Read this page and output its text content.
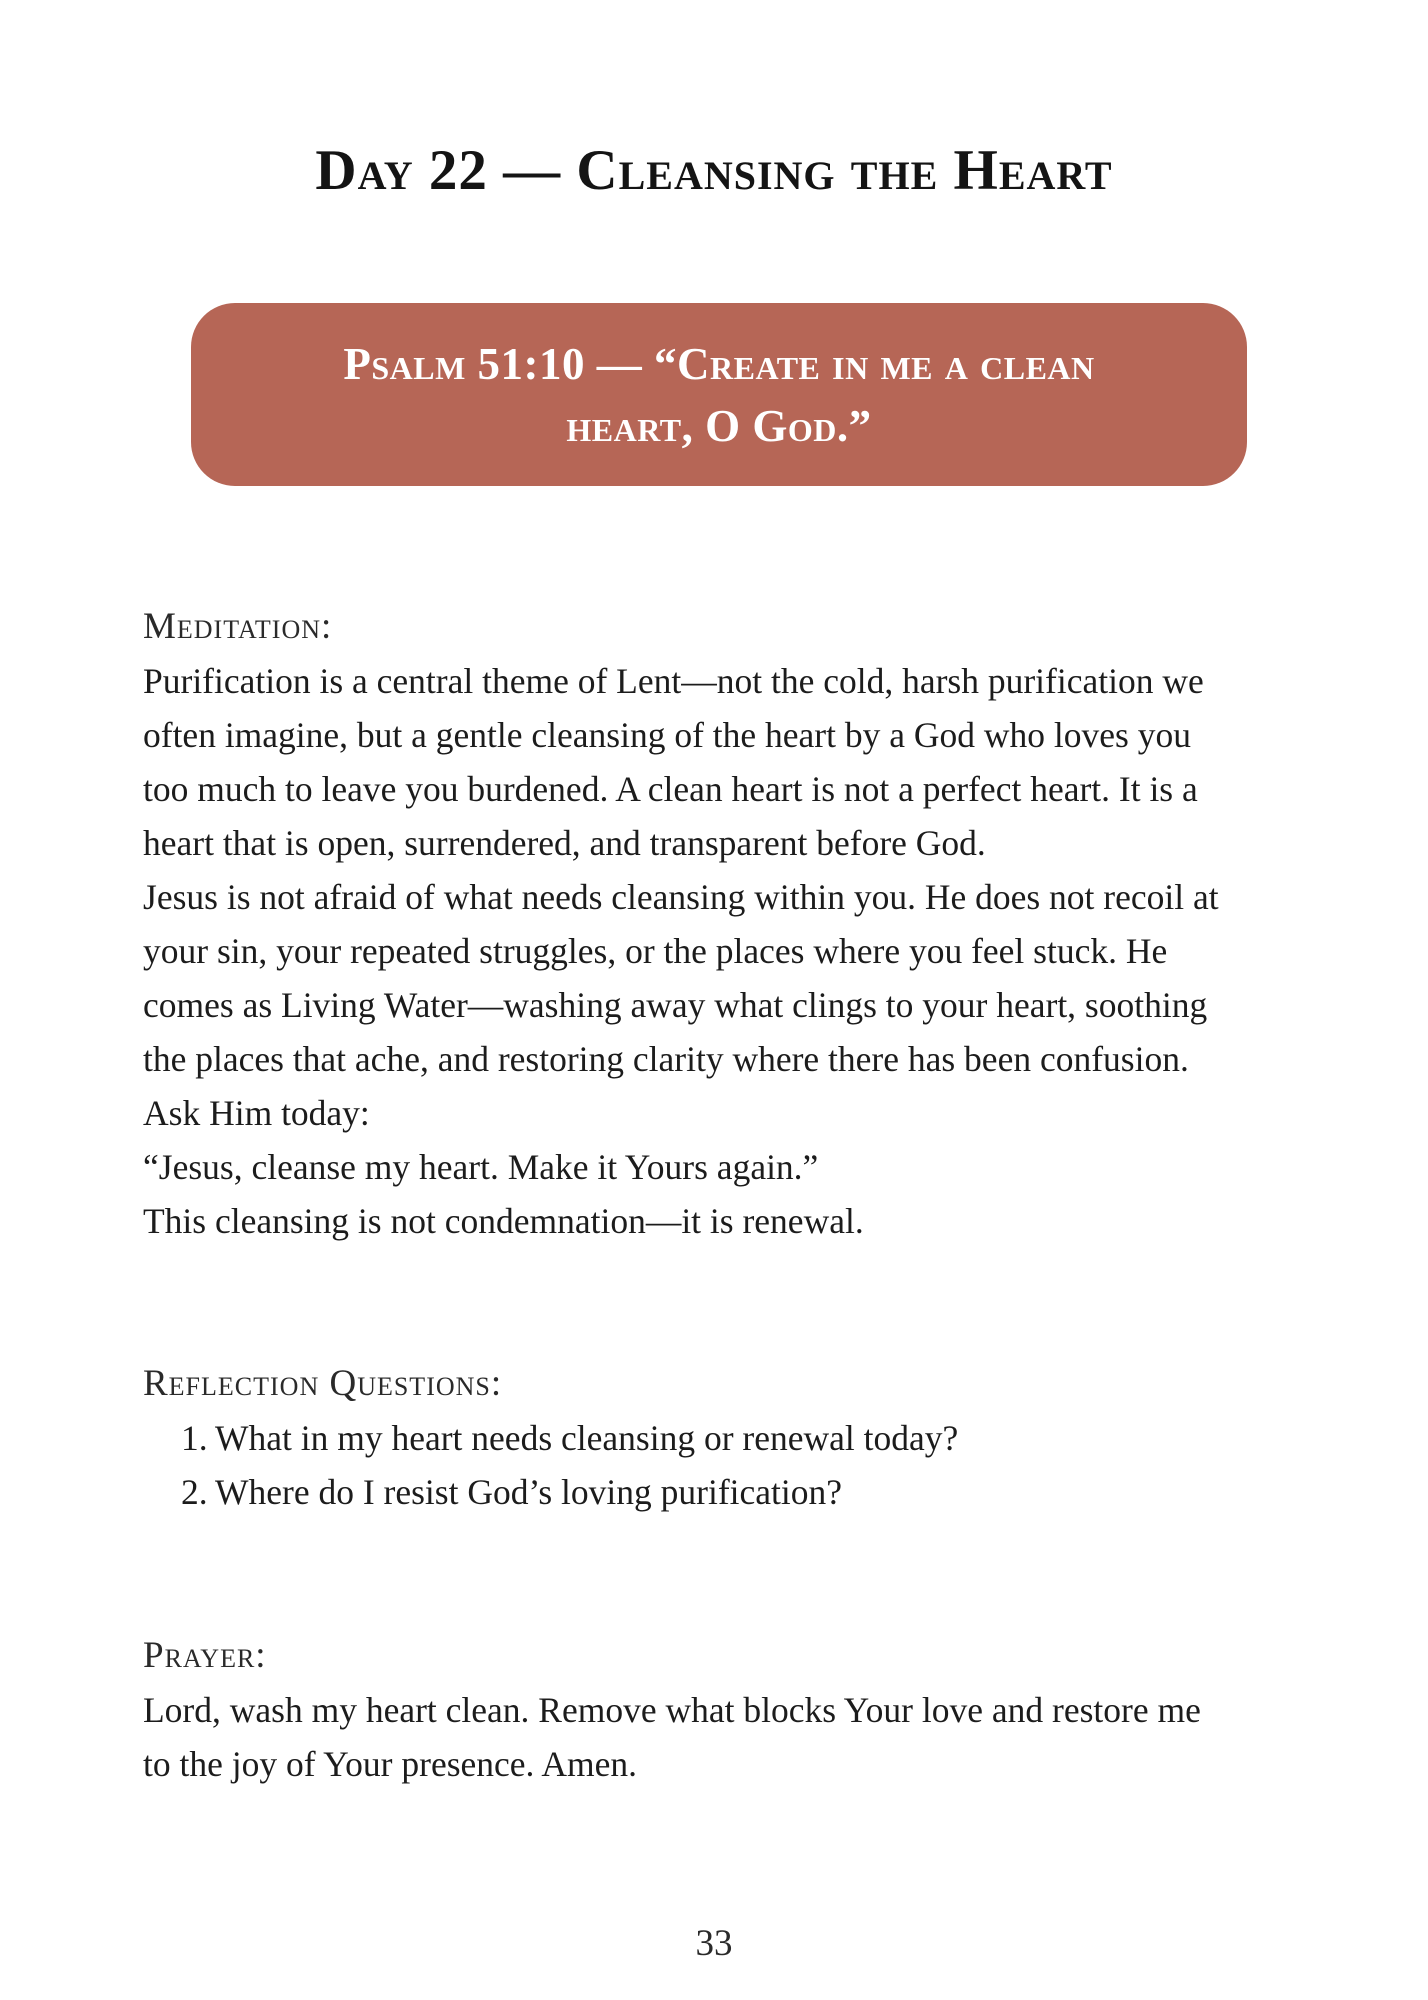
Day 22 — Cleansing the Heart
Psalm 51:10 — “Create in me a clean heart, O God.”
Meditation:

Purification is a central theme of Lent—not the cold, harsh purification we

often imagine, but a gentle cleansing of the heart by a God who loves you

too much to leave you burdened. A clean heart is not a perfect heart. It is a

heart that is open, surrendered, and transparent before God.

Jesus is not afraid of what needs cleansing within you. He does not recoil at

your sin, your repeated struggles, or the places where you feel stuck. He

comes as Living Water—washing away what clings to your heart, soothing

the places that ache, and restoring clarity where there has been confusion.

Ask Him today:

“Jesus, cleanse my heart. Make it Yours again.”

This cleansing is not condemnation—it is renewal.

Reflection Questions:
1. What in my heart needs cleansing or renewal today?
2. Where do I resist God’s loving purification?
Prayer:

Lord, wash my heart clean. Remove what blocks Your love and restore me

to the joy of Your presence. Amen.

33
